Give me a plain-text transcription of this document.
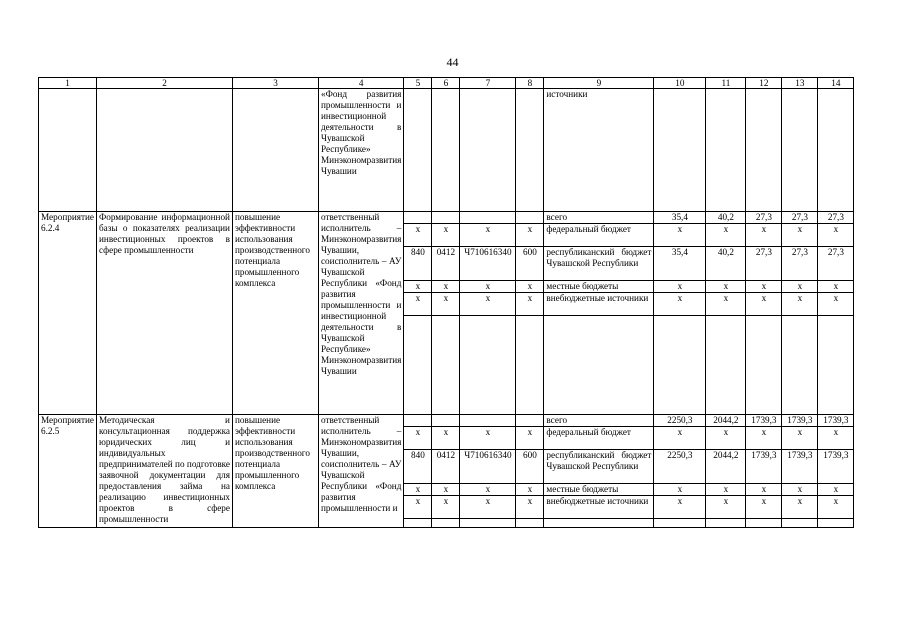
44
1	2	3	4	5	6	7	8	9	10	11	12	13	14
			«Фонд развития промышленности и инвестиционной деятельности в Чувашской Республике» Минэкономразвития Чувашии					источники					
Мероприятие 6.2.4	Формирование информационной базы о показателях реализации инвестиционных проектов в сфере промышленности	повышение эффективности использования производственного потенциала промышленного комплекса	ответственный исполнитель – Минэкономразвития Чувашии, соисполнитель – АУ Чувашской Республики «Фонд развития промышленности и инвестиционной деятельности в Чувашской Республике» Минэкономразвития Чувашии					всего	35,4	40,2	27,3	27,3	27,3
				х	х	х	х	федеральный бюджет	х	х	х	х	х
				840	0412	Ч710616340	600	республиканский бюджет Чувашской Республики	35,4	40,2	27,3	27,3	27,3
				х	х	х	х	местные бюджеты	х	х	х	х	х
				х	х	х	х	внебюджетные источники	х	х	х	х	х

Мероприятие 6.2.5	Методическая и консультационная поддержка юридических лиц и индивидуальных предпринимателей по подготовке заявочной документации для предоставления займа на реализацию инвестиционных проектов в сфере промышленности	повышение эффективности использования производственного потенциала промышленного комплекса	ответственный исполнитель – Минэкономразвития Чувашии, соисполнитель – АУ Чувашской Республики «Фонд развития промышленности и					всего	2250,3	2044,2	1739,3	1739,3	1739,3
				х	х	х	х	федеральный бюджет	х	х	х	х	х
				840	0412	Ч710616340	600	республиканский бюджет Чувашской Республики	2250,3	2044,2	1739,3	1739,3	1739,3
				х	х	х	х	местные бюджеты	х	х	х	х	х
				х	х	х	х	внебюджетные источники	х	х	х	х	х
